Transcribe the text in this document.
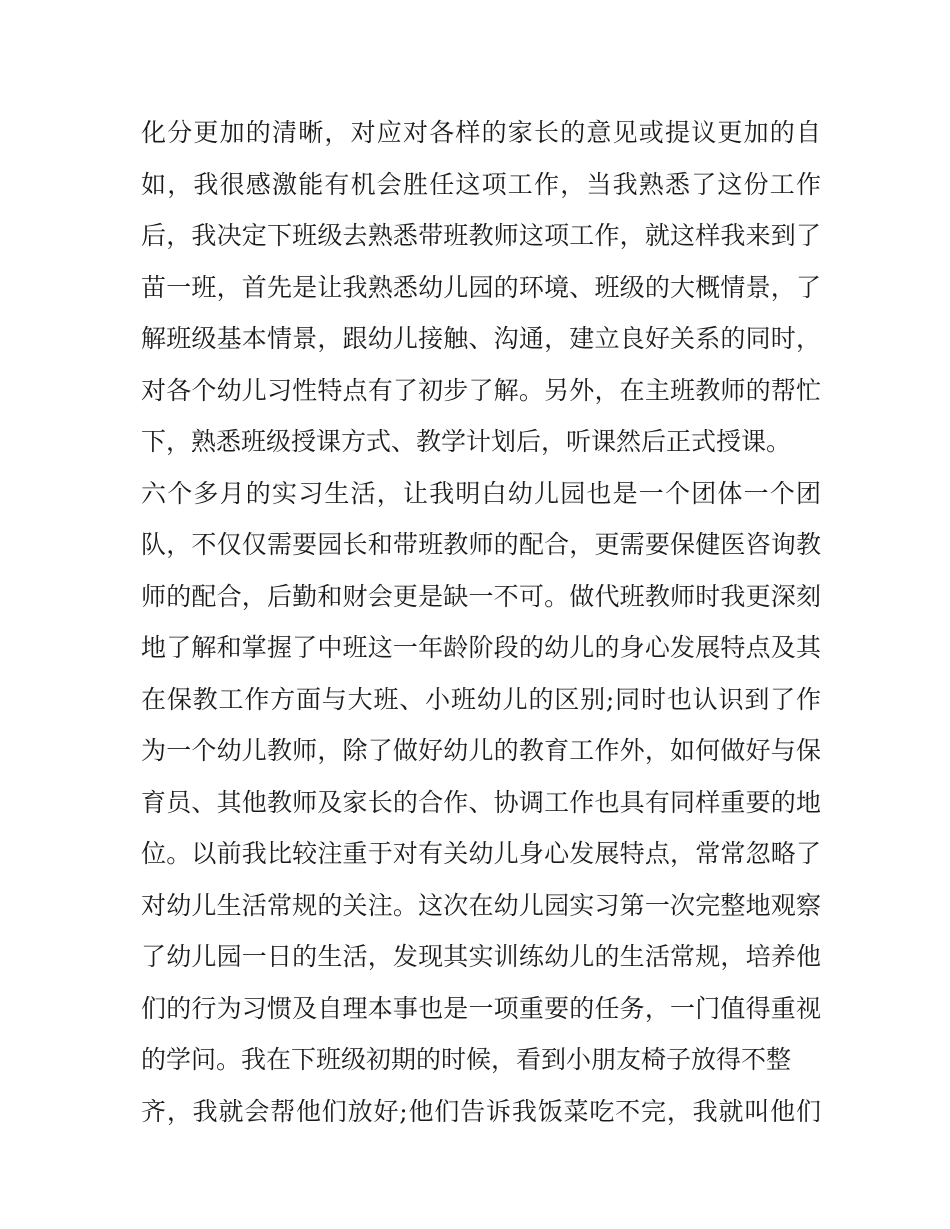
化分更加的清晰，对应对各样的家长的意见或提议更加的自
如，我很感激能有机会胜任这项工作，当我熟悉了这份工作
后，我决定下班级去熟悉带班教师这项工作，就这样我来到了
苗一班，首先是让我熟悉幼儿园的环境、班级的大概情景，了
解班级基本情景，跟幼儿接触、沟通，建立良好关系的同时，
对各个幼儿习性特点有了初步了解。另外，在主班教师的帮忙
下，熟悉班级授课方式、教学计划后，听课然后正式授课。
六个多月的实习生活，让我明白幼儿园也是一个团体一个团
队，不仅仅需要园长和带班教师的配合，更需要保健医咨询教
师的配合，后勤和财会更是缺一不可。做代班教师时我更深刻
地了解和掌握了中班这一年龄阶段的幼儿的身心发展特点及其
在保教工作方面与大班、小班幼儿的区别;同时也认识到了作
为一个幼儿教师，除了做好幼儿的教育工作外，如何做好与保
育员、其他教师及家长的合作、协调工作也具有同样重要的地
位。以前我比较注重于对有关幼儿身心发展特点，常常忽略了
对幼儿生活常规的关注。这次在幼儿园实习第一次完整地观察
了幼儿园一日的生活，发现其实训练幼儿的生活常规，培养他
们的行为习惯及自理本事也是一项重要的任务，一门值得重视
的学问。我在下班级初期的时候，看到小朋友椅子放得不整
齐，我就会帮他们放好;他们告诉我饭菜吃不完，我就叫他们
